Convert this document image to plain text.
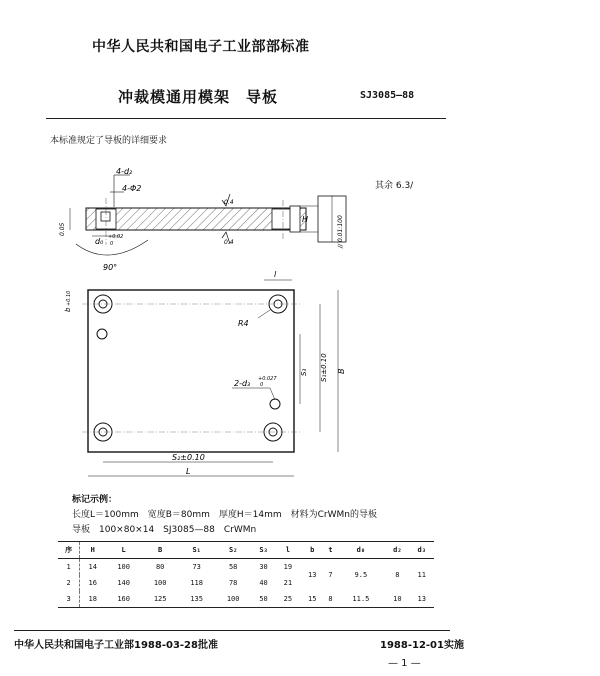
中华人民共和国电子工业部部标准
冲裁模通用模架　导板	SJ3085—88
本标准规定了导板的详细要求
其余 6.3/
4-d₂
4-Φ2
0.4
0.4
0.05
d₀ +0.02
0
90°
H	// 0.01:100
l
b
+0.10
R4
2-d₃ +0.027
0
S₃ S₁±0.10 B
S₂±0.10
L
标记示例：
长度L＝100mm　宽度B＝80mm　厚度H＝14mm　材料为CrWMn的导板
导板　100×80×14　SJ3085—88　CrWMn
序	H	L	B	S₁	S₂	S₃	l	b	t	d₀	d₂	d₃
1	14	100	80	73	58	30	19	13	7	9.5	8	11
2	16	140	100	118	78	40	21					
3	18	160	125	135	100	50	25	15	8	11.5	10	13
中华人民共和国电子工业部1988-03-28批准	1988-12-01实施
— 1 —
